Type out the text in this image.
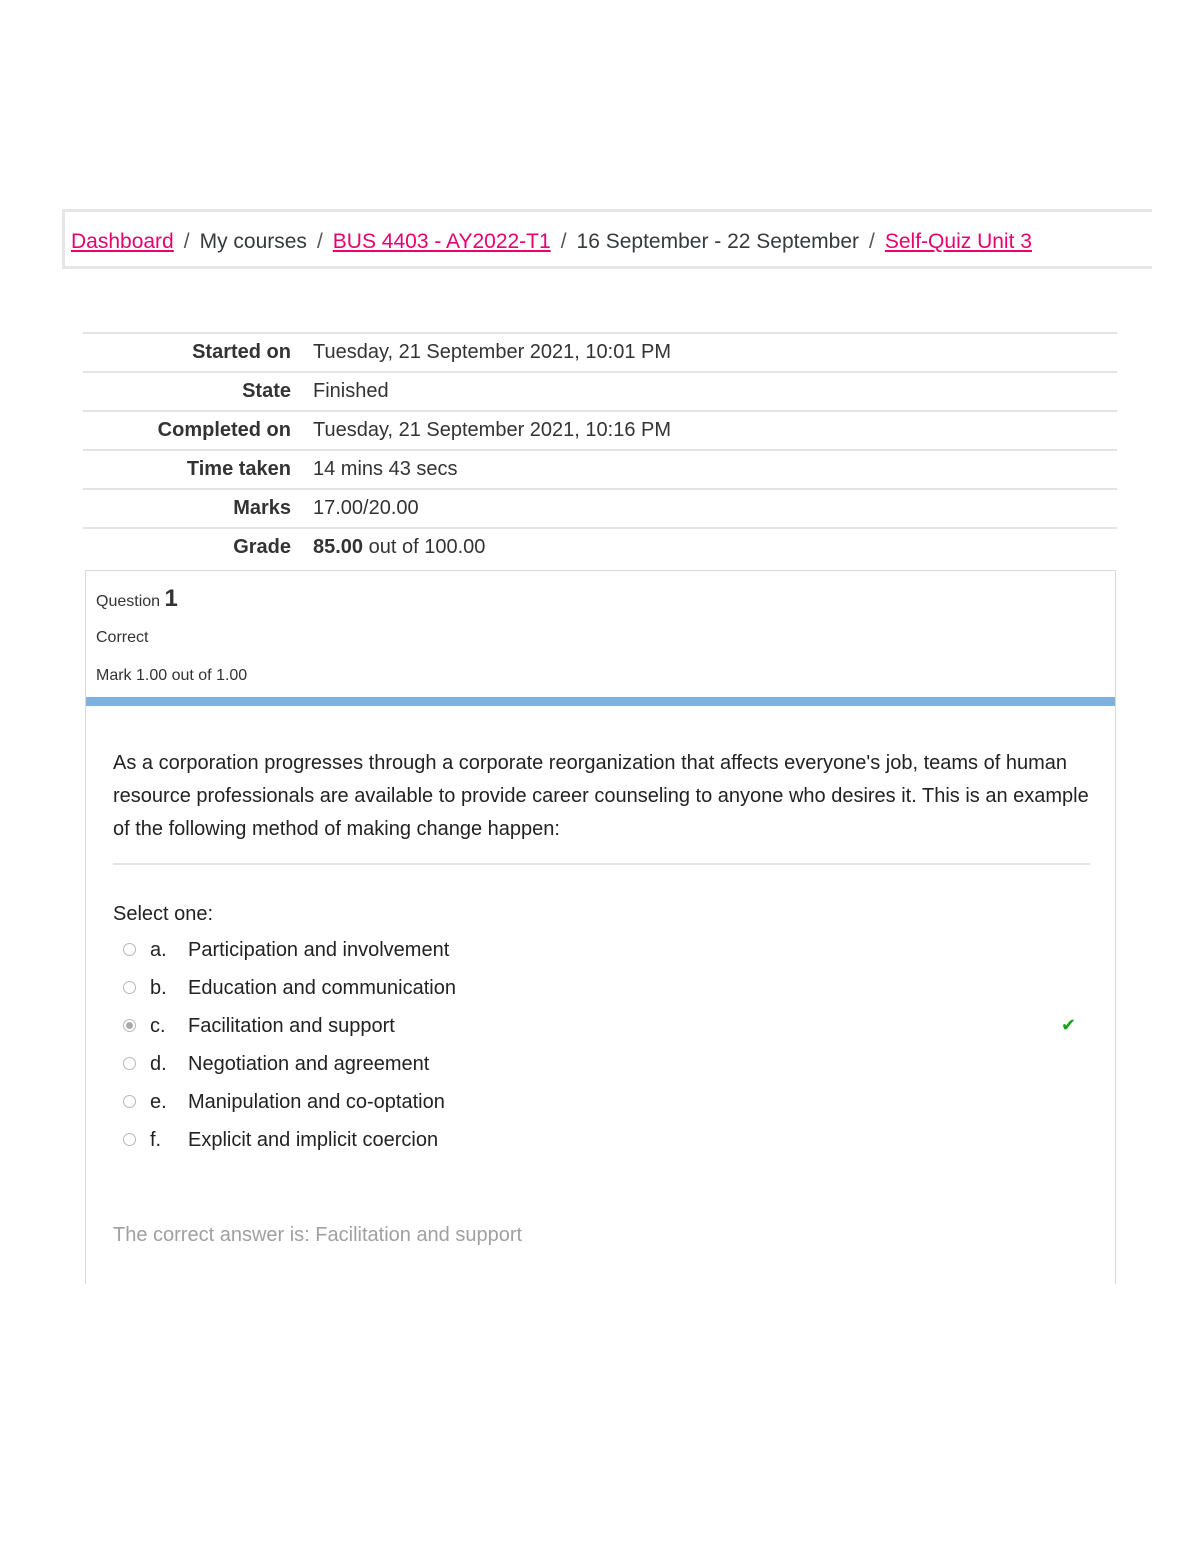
Dashboard / My courses / BUS 4403 - AY2022-T1 / 16 September - 22 September / Self-Quiz Unit 3
Started on	Tuesday, 21 September 2021, 10:01 PM
State	Finished
Completed on	Tuesday, 21 September 2021, 10:16 PM
Time taken	14 mins 43 secs
Marks	17.00/20.00
Grade	85.00 out of 100.00
Question 1
Correct
Mark 1.00 out of 1.00
As a corporation progresses through a corporate reorganization that affects everyone's job, teams of human resource professionals are available to provide career counseling to anyone who desires it. This is an example of the following method of making change happen:
Select one:
a. Participation and involvement
b. Education and communication
c. Facilitation and support	✔
d. Negotiation and agreement
e. Manipulation and co-optation
f. Explicit and implicit coercion
The correct answer is: Facilitation and support
